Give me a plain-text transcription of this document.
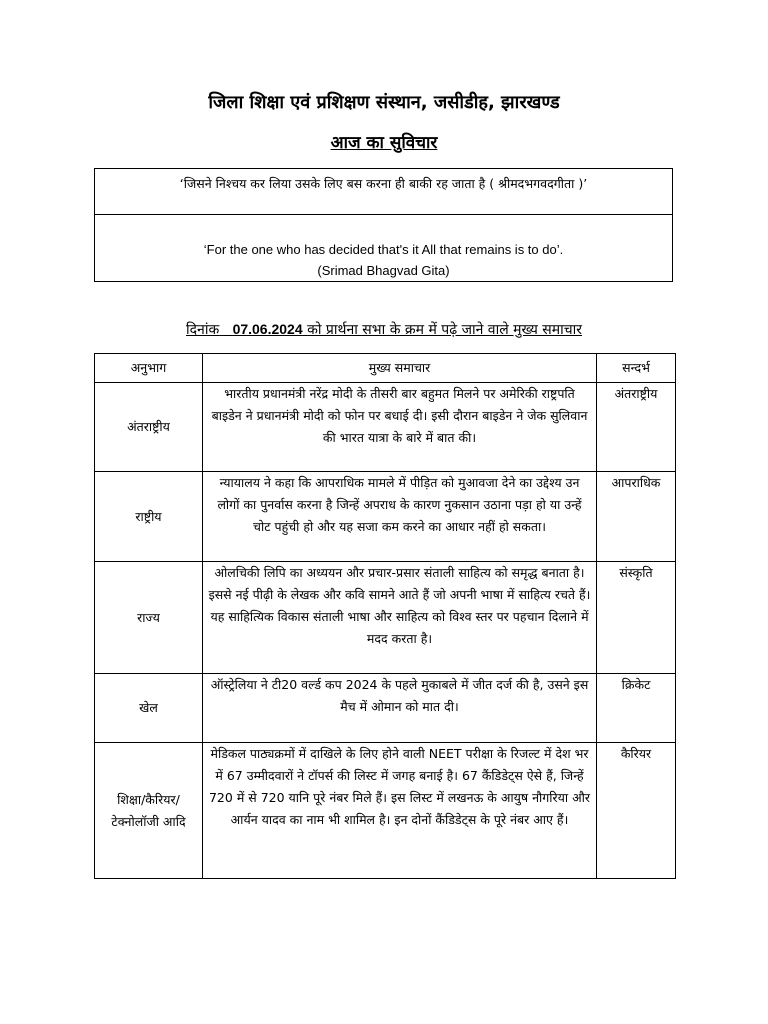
जिला शिक्षा एवं प्रशिक्षण संस्थान, जसीडीह, झारखण्ड
आज का सुविचार
‘जिसने निश्चय कर लिया उसके लिए बस करना ही बाकी रह जाता है ( श्रीमदभगवदगीता )’
‘For the one who has decided that's it All that remains is to do’.
(Srimad Bhagvad Gita)
दिनांक 07.06.2024 को प्रार्थना सभा के क्रम में पढ़े जाने वाले मुख्य समाचार
अनुभाग	मुख्य समाचार	सन्दर्भ
अंतराष्ट्रीय	भारतीय प्रधानमंत्री नरेंद्र मोदी के तीसरी बार बहुमत मिलने पर अमेरिकी राष्ट्रपति बाइडेन ने प्रधानमंत्री मोदी को फोन पर बधाई दी। इसी दौरान बाइडेन ने जेक सुलिवान की भारत यात्रा के बारे में बात की।	अंतराष्ट्रीय
राष्ट्रीय	न्यायालय ने कहा कि आपराधिक मामले में पीड़ित को मुआवजा देने का उद्देश्य उन लोगों का पुनर्वास करना है जिन्हें अपराध के कारण नुकसान उठाना पड़ा हो या उन्हें चोट पहुंची हो और यह सजा कम करने का आधार नहीं हो सकता।	आपराधिक
राज्य	ओलचिकी लिपि का अध्ययन और प्रचार-प्रसार संताली साहित्य को समृद्ध बनाता है। इससे नई पीढ़ी के लेखक और कवि सामने आते हैं जो अपनी भाषा में साहित्य रचते हैं। यह साहित्यिक विकास संताली भाषा और साहित्य को विश्व स्तर पर पहचान दिलाने में मदद करता है।	संस्कृति
खेल	ऑस्ट्रेलिया ने टी20 वर्ल्ड कप 2024 के पहले मुकाबले में जीत दर्ज की है, उसने इस मैच में ओमान को मात दी।	क्रिकेट
शिक्षा/कैरियर/टेक्नोलॉजी आदि	मेडिकल पाठ्यक्रमों में दाखिले के लिए होने वाली NEET परीक्षा के रिजल्ट में देश भर में 67 उम्मीदवारों ने टॉपर्स की लिस्ट में जगह बनाई है। 67 कैंडिडेट्स ऐसे हैं, जिन्हें 720 में से 720 यानि पूरे नंबर मिले हैं। इस लिस्ट में लखनऊ के आयुष नौगरिया और आर्यन यादव का नाम भी शामिल है। इन दोनों कैंडिडेट्स के पूरे नंबर आए हैं।	कैरियर
